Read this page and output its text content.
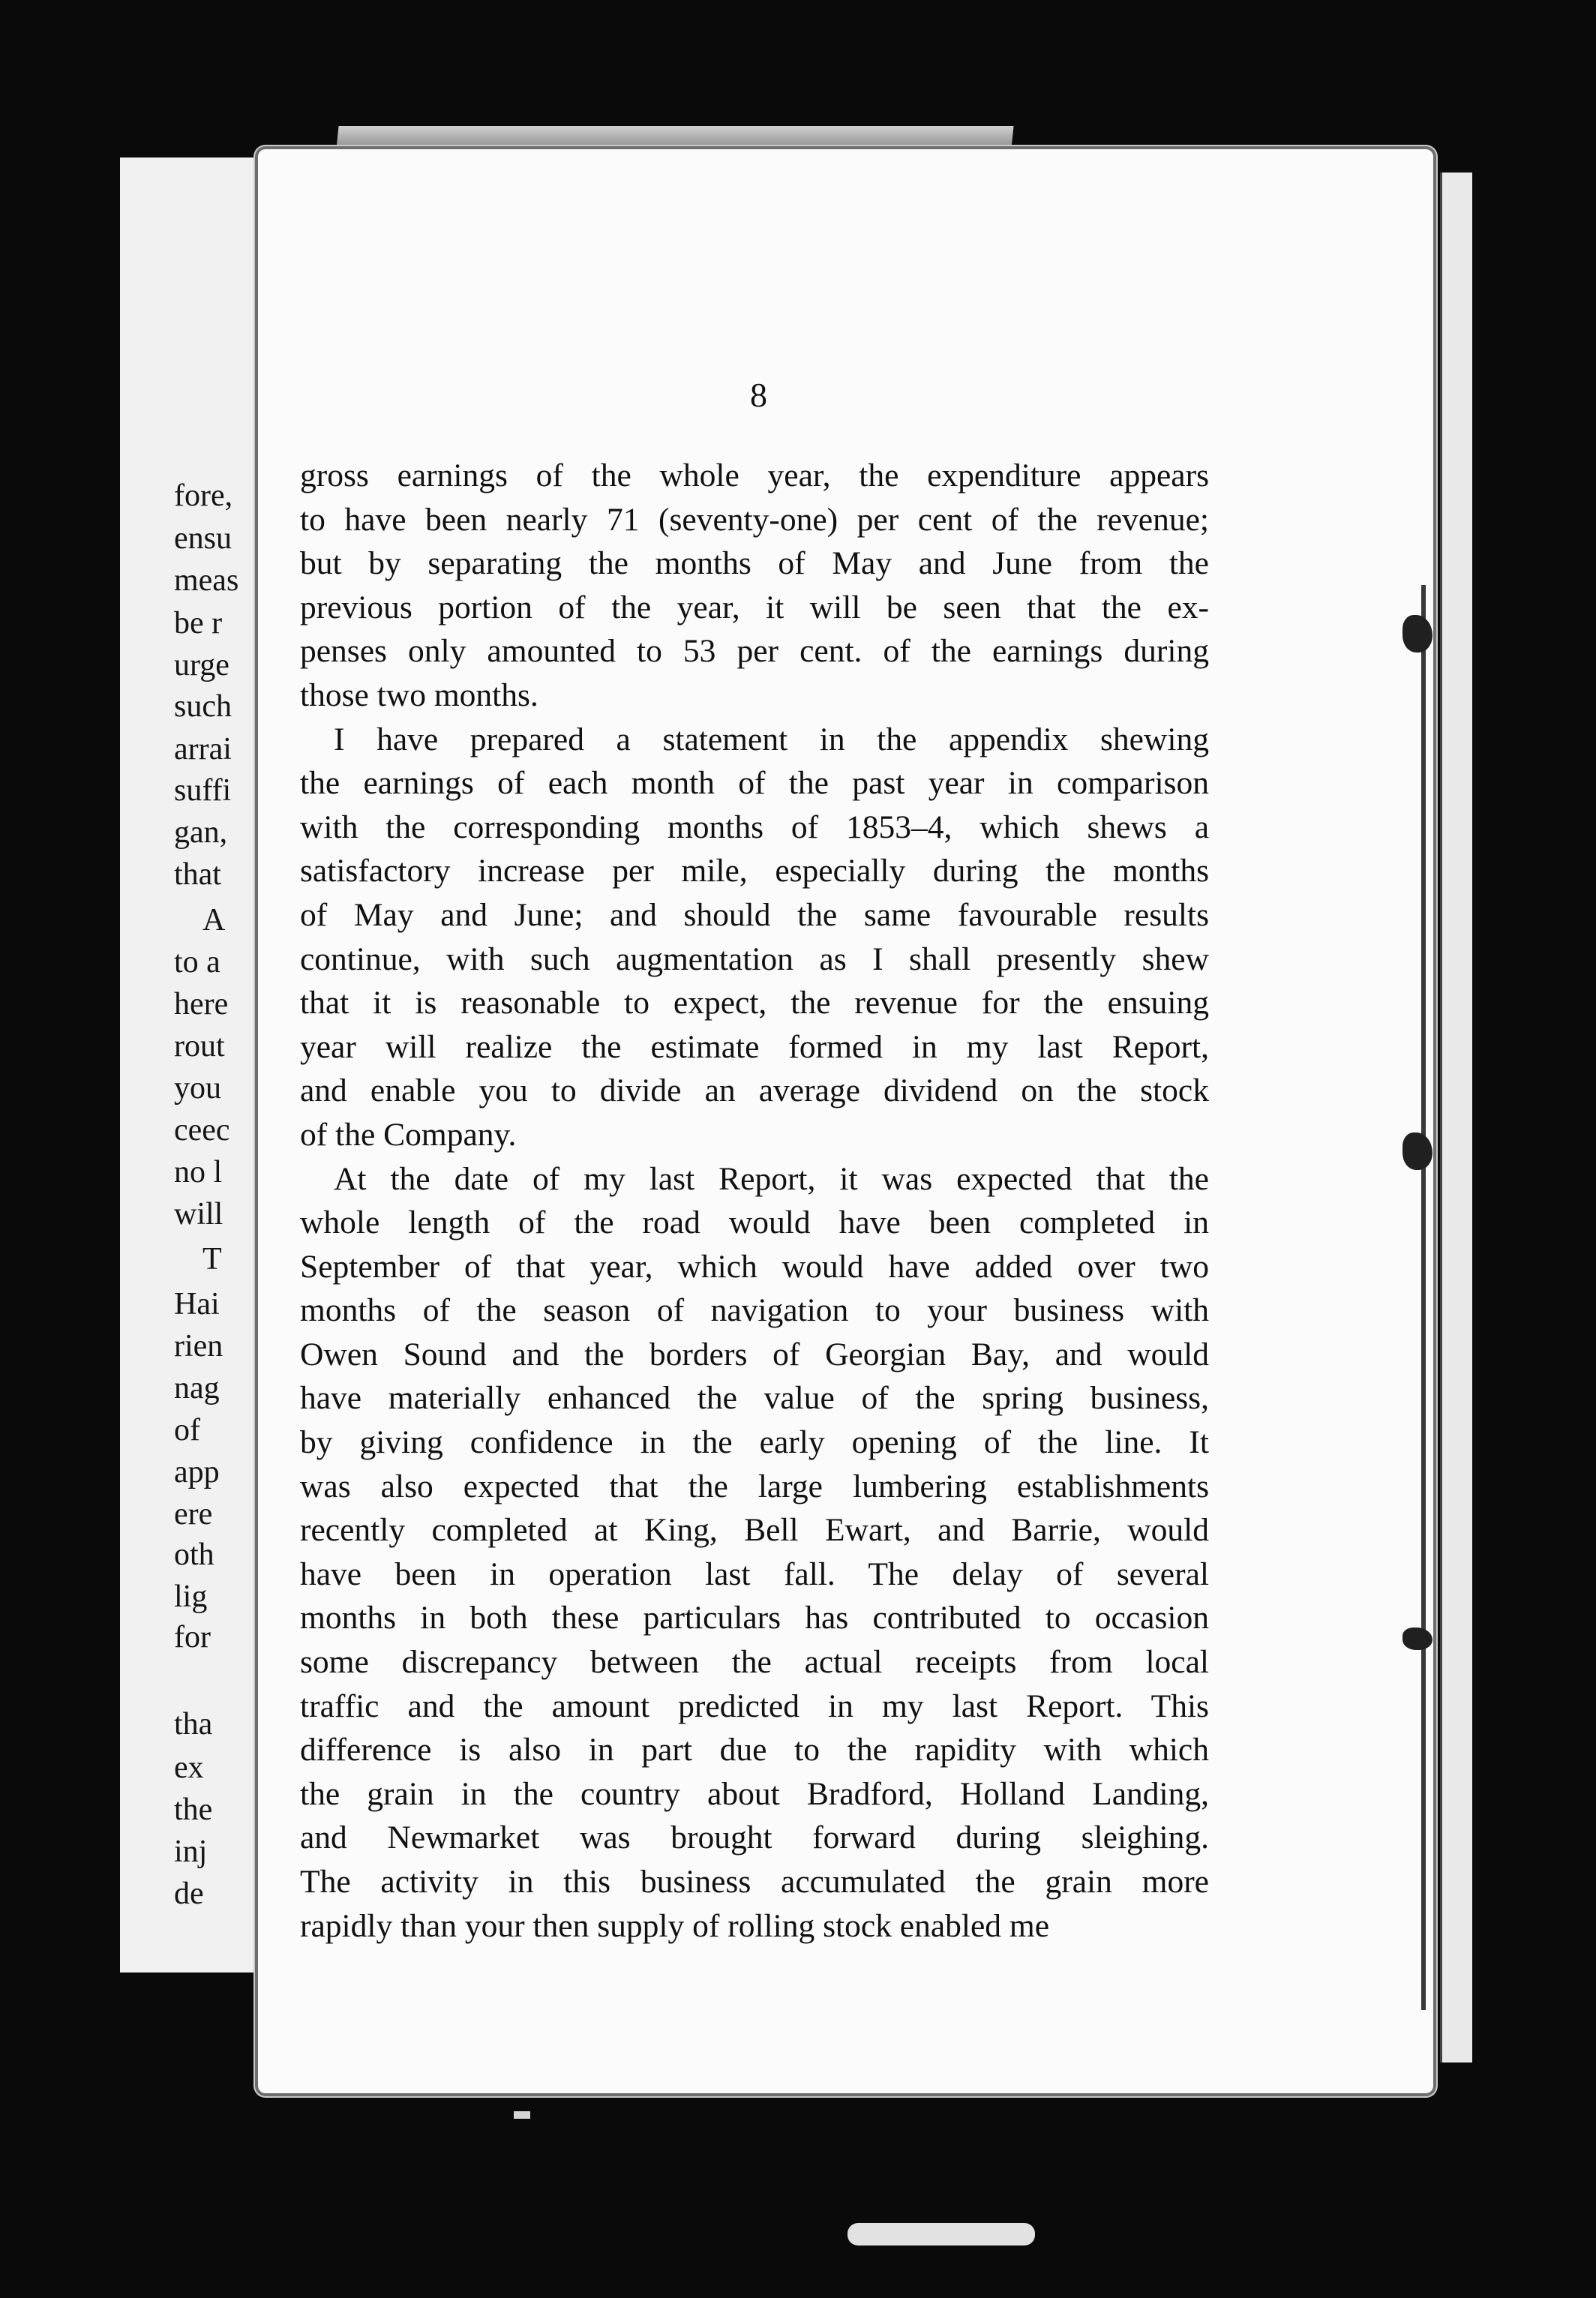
fore,
ensu
meas
be r
urge
such
arrai
suffi
gan,
that
A
to a
here
rout
you
ceec
no l
will
T
Hai
rien
nag
of
app
ere
oth
lig
for
tha
ex
the
inj
de
8
gross earnings of the whole year, the expenditure appears
to have been nearly 71 (seventy-one) per cent of the revenue;
but by separating the months of May and June from the
previous portion of the year, it will be seen that the ex-
penses only amounted to 53 per cent. of the earnings during
those two months.
I have prepared a statement in the appendix shewing
the earnings of each month of the past year in comparison
with the corresponding months of 1853–4, which shews a
satisfactory increase per mile, especially during the months
of May and June; and should the same favourable results
continue, with such augmentation as I shall presently shew
that it is reasonable to expect, the revenue for the ensuing
year will realize the estimate formed in my last Report,
and enable you to divide an average dividend on the stock
of the Company.
At the date of my last Report, it was expected that the
whole length of the road would have been completed in
September of that year, which would have added over two
months of the season of navigation to your business with
Owen Sound and the borders of Georgian Bay, and would
have materially enhanced the value of the spring business,
by giving confidence in the early opening of the line. It
was also expected that the large lumbering establishments
recently completed at King, Bell Ewart, and Barrie, would
have been in operation last fall. The delay of several
months in both these particulars has contributed to occasion
some discrepancy between the actual receipts from local
traffic and the amount predicted in my last Report. This
difference is also in part due to the rapidity with which
the grain in the country about Bradford, Holland Landing,
and Newmarket was brought forward during sleighing.
The activity in this business accumulated the grain more
rapidly than your then supply of rolling stock enabled me
